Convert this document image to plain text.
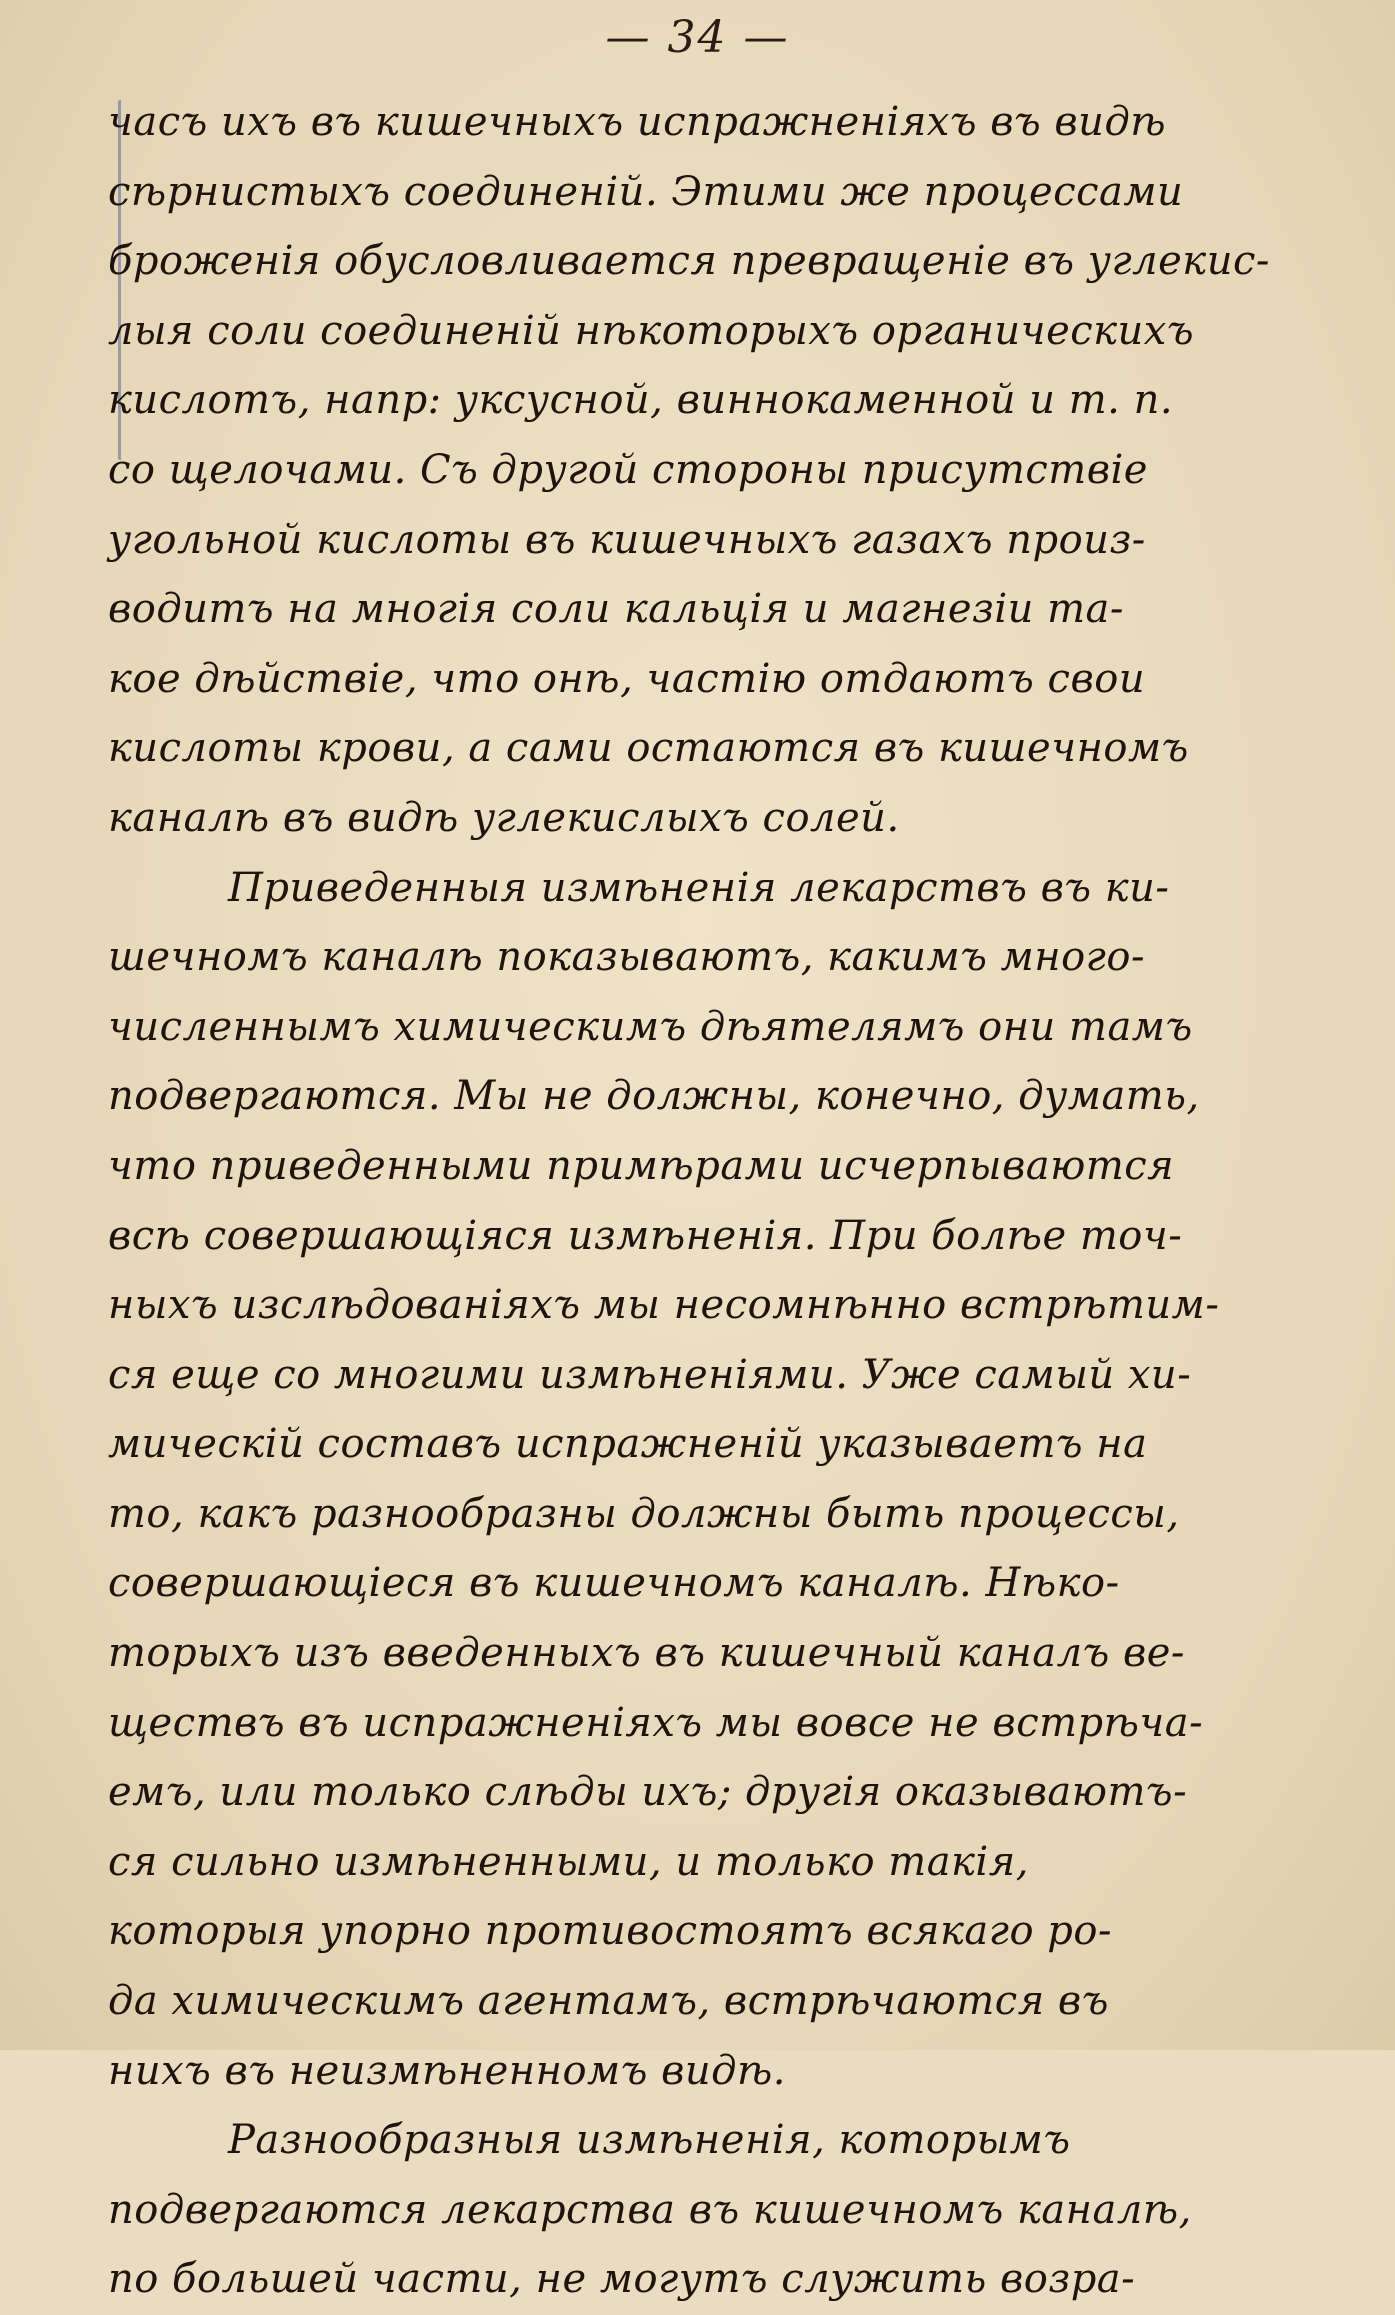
— 34 —
часъ ихъ въ кишечныхъ испражненiяхъ въ видѣ
сѣрнистыхъ соединенiй. Этими же процессами
броженiя обусловливается превращенiе въ углекис-
лыя соли соединенiй нѣкоторыхъ органическихъ
кислотъ, напр: уксусной, виннокаменной и т. п.
со щелочами. Съ другой стороны присутствiе
угольной кислоты въ кишечныхъ газахъ произ-
водитъ на многiя соли кальцiя и магнезiи та-
кое дѣйствiе, что онѣ, частiю отдаютъ свои
кислоты крови, а сами остаются въ кишечномъ
каналѣ въ видѣ углекислыхъ солей.
Приведенныя измѣненiя лекарствъ въ ки-
шечномъ каналѣ показываютъ, какимъ много-
численнымъ химическимъ дѣятелямъ они тамъ
подвергаются. Мы не должны, конечно, думать,
что приведенными примѣрами исчерпываются
всѣ совершающiяся измѣненiя. При болѣе точ-
ныхъ изслѣдованiяхъ мы несомнѣнно встрѣтим-
ся еще со многими измѣненiями. Уже самый хи-
мическiй составъ испражненiй указываетъ на
то, какъ разнообразны должны быть процессы,
совершающiеся въ кишечномъ каналѣ. Нѣко-
торыхъ изъ введенныхъ въ кишечный каналъ ве-
ществъ въ испражненiяхъ мы вовсе не встрѣча-
емъ, или только слѣды ихъ; другiя оказываютъ-
ся сильно измѣненными, и только такiя,
которыя упорно противостоятъ всякаго ро-
да химическимъ агентамъ, встрѣчаются въ
нихъ въ неизмѣненномъ видѣ.
Разнообразныя измѣненiя, которымъ
подвергаются лекарства въ кишечномъ каналѣ,
по большей части, не могутъ служить возра-
